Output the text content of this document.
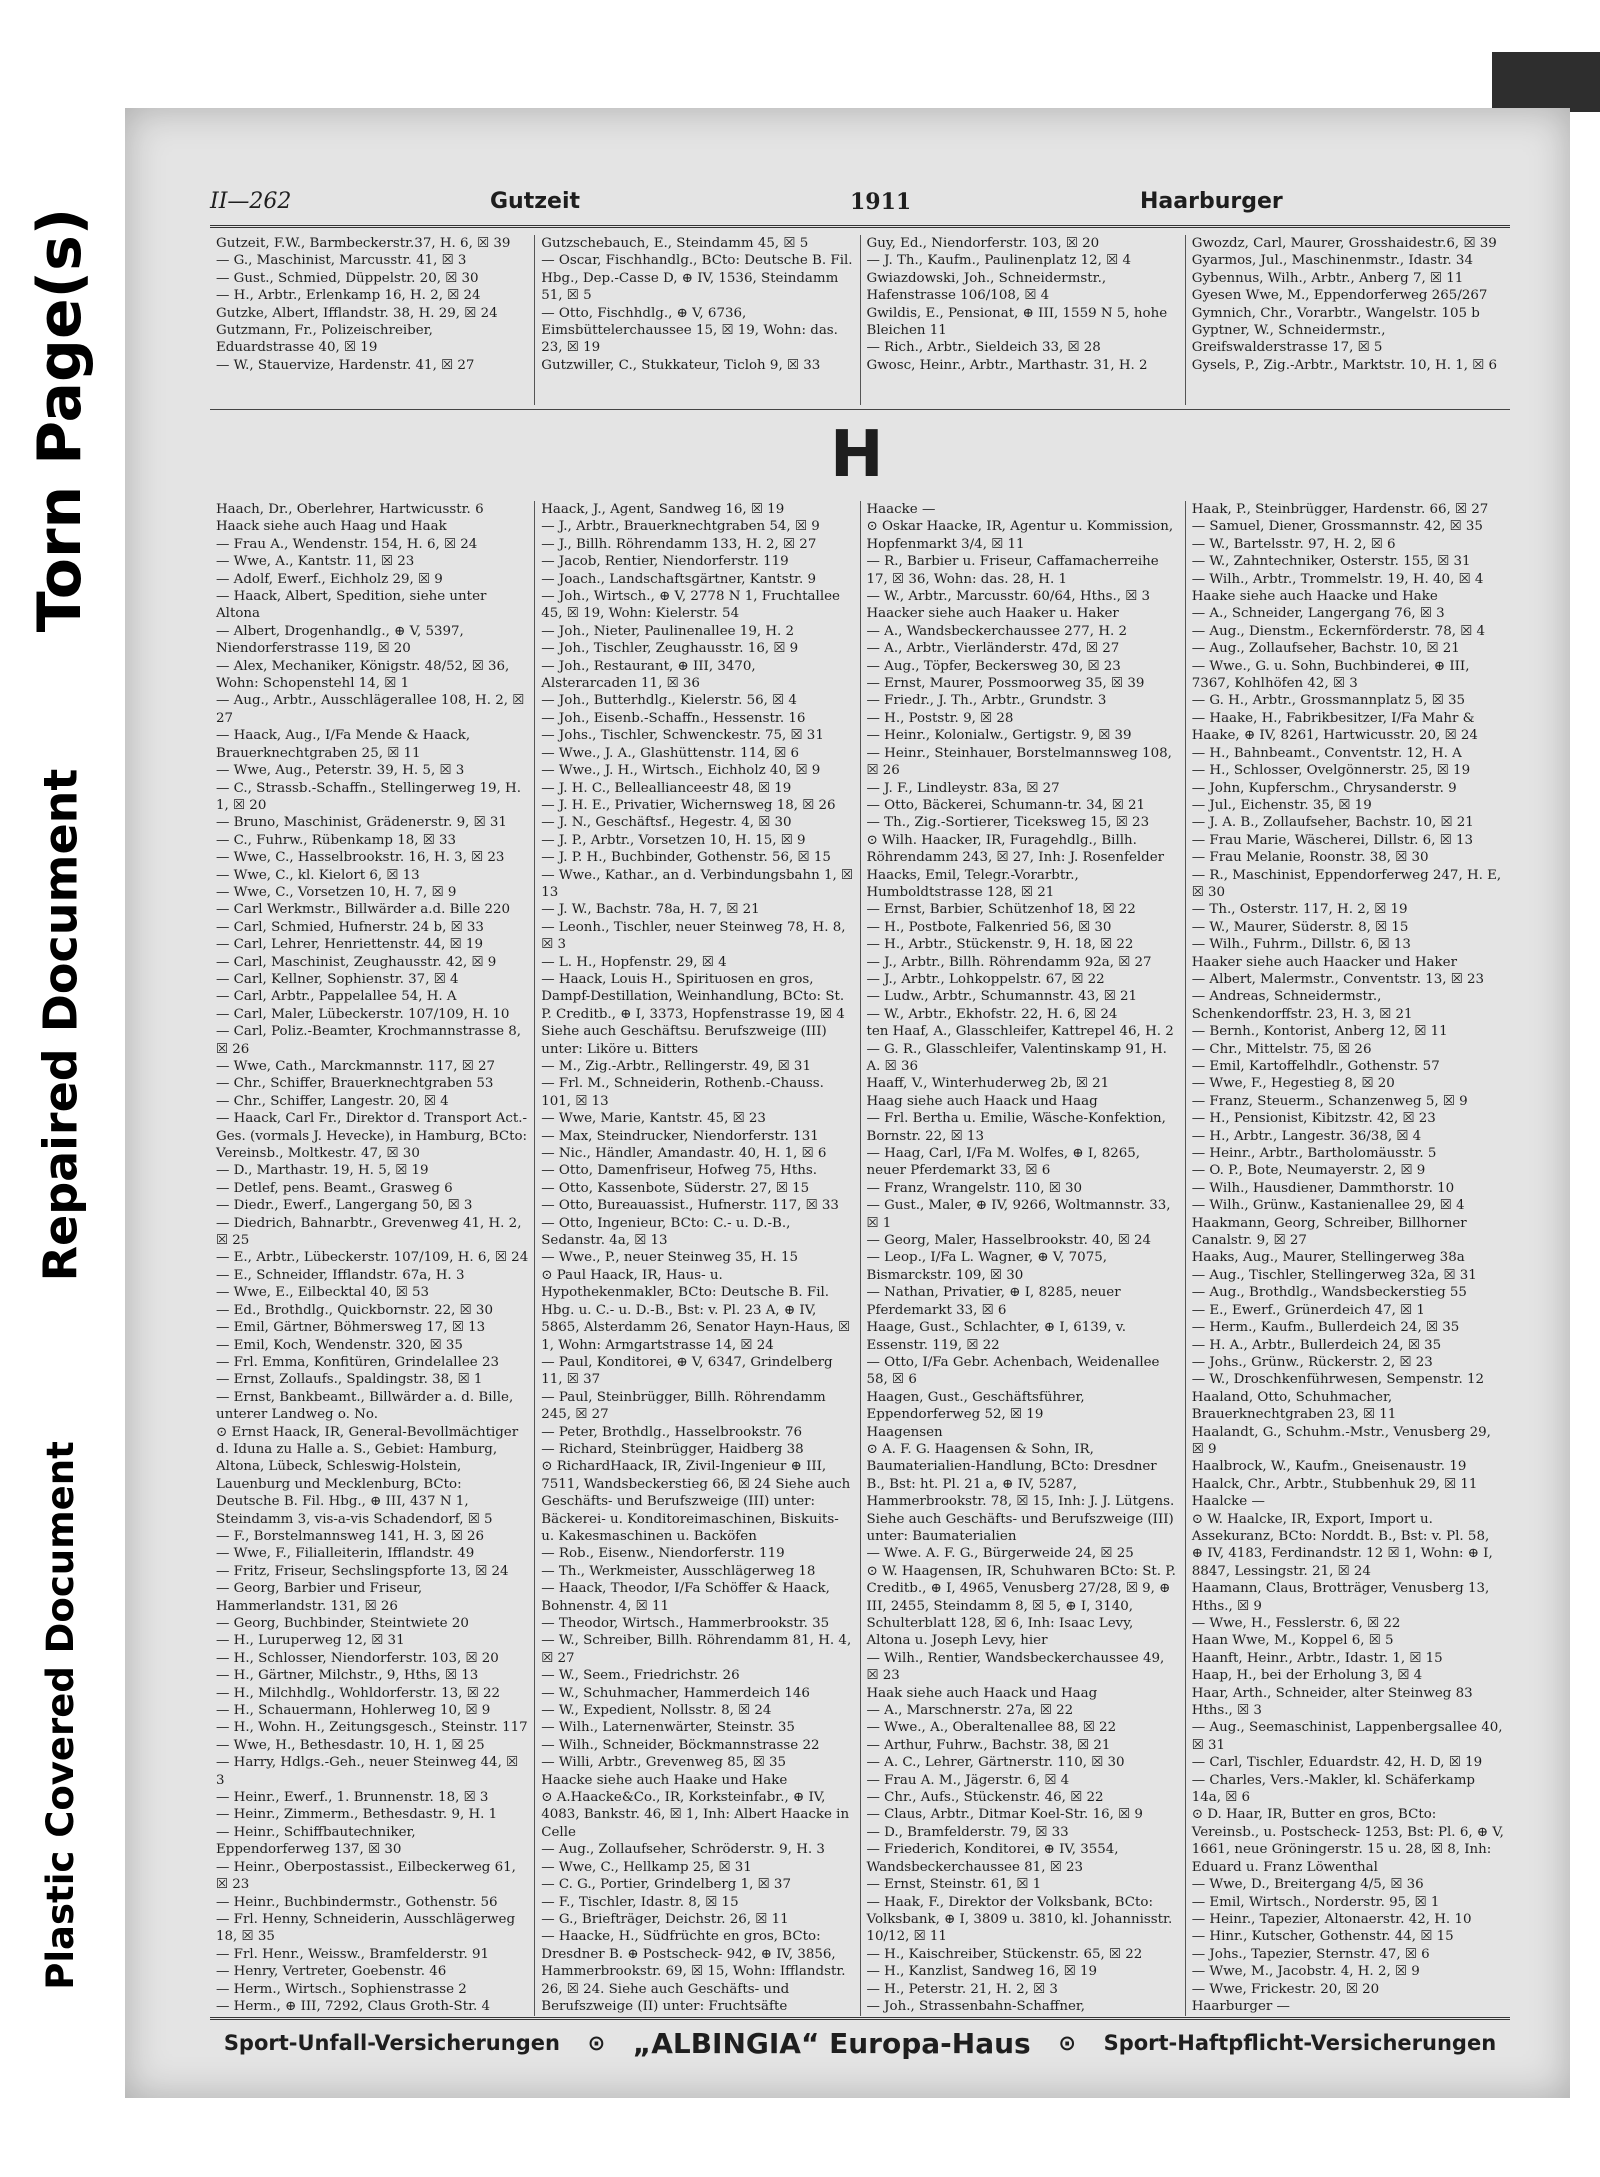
Torn Page(s)
Repaired Document
Plastic Covered Document
II—262	Gutzeit	1911	Haarburger

Gutzeit, F.W., Barmbeckerstr.37, H. 6, ☒ 39

— G., Maschinist, Marcusstr. 41, ☒ 3

— Gust., Schmied, Düppelstr. 20, ☒ 30

— H., Arbtr., Erlenkamp 16, H. 2, ☒ 24

Gutzke, Albert, Ifflandstr. 38, H. 29, ☒ 24

Gutzmann, Fr., Polizeischreiber, Eduardstrasse 40, ☒ 19

— W., Stauervize, Hardenstr. 41, ☒ 27

Gutzschebauch, E., Steindamm 45, ☒ 5

— Oscar, Fischhandlg., BCto: Deutsche B. Fil. Hbg., Dep.-Casse D, ⊕ IV, 1536, Steindamm 51, ☒ 5

— Otto, Fischhdlg., ⊕ V, 6736, Eimsbüttelerchaussee 15, ☒ 19, Wohn: das. 23, ☒ 19

Gutzwiller, C., Stukkateur, Ticloh 9, ☒ 33

Guy, Ed., Niendorferstr. 103, ☒ 20

— J. Th., Kaufm., Paulinenplatz 12, ☒ 4

Gwiazdowski, Joh., Schneidermstr., Hafenstrasse 106/108, ☒ 4

Gwildis, E., Pensionat, ⊕ III, 1559 N 5, hohe Bleichen 11

— Rich., Arbtr., Sieldeich 33, ☒ 28

Gwosc, Heinr., Arbtr., Marthastr. 31, H. 2

Gwozdz, Carl, Maurer, Grosshaidestr.6, ☒ 39

Gyarmos, Jul., Maschinenmstr., Idastr. 34

Gybennus, Wilh., Arbtr., Anberg 7, ☒ 11

Gyesen Wwe, M., Eppendorferweg 265/267

Gymnich, Chr., Vorarbtr., Wangelstr. 105 b

Gyptner, W., Schneidermstr., Greifswalderstrasse 17, ☒ 5

Gysels, P., Zig.-Arbtr., Marktstr. 10, H. 1, ☒ 6

H

Haach, Dr., Oberlehrer, Hartwicusstr. 6

Haack siehe auch Haag und Haak

— Frau A., Wendenstr. 154, H. 6, ☒ 24

— Wwe, A., Kantstr. 11, ☒ 23

— Adolf, Ewerf., Eichholz 29, ☒ 9

— Haack, Albert, Spedition, siehe unter Altona

— Albert, Drogenhandlg., ⊕ V, 5397, Niendorferstrasse 119, ☒ 20

— Alex, Mechaniker, Königstr. 48/52, ☒ 36, Wohn: Schopenstehl 14, ☒ 1

— Aug., Arbtr., Ausschlägerallee 108, H. 2, ☒ 27

— Haack, Aug., I/Fa Mende & Haack, Brauerknechtgraben 25, ☒ 11

— Wwe, Aug., Peterstr. 39, H. 5, ☒ 3

— C., Strassb.-Schaffn., Stellingerweg 19, H. 1, ☒ 20

— Bruno, Maschinist, Grädenerstr. 9, ☒ 31

— C., Fuhrw., Rübenkamp 18, ☒ 33

— Wwe, C., Hasselbrookstr. 16, H. 3, ☒ 23

— Wwe, C., kl. Kielort 6, ☒ 13

— Wwe, C., Vorsetzen 10, H. 7, ☒ 9

— Carl Werkmstr., Billwärder a.d. Bille 220

— Carl, Schmied, Hufnerstr. 24 b, ☒ 33

— Carl, Lehrer, Henriettenstr. 44, ☒ 19

— Carl, Maschinist, Zeughausstr. 42, ☒ 9

— Carl, Kellner, Sophienstr. 37, ☒ 4

— Carl, Arbtr., Pappelallee 54, H. A

— Carl, Maler, Lübeckerstr. 107/109, H. 10

— Carl, Poliz.-Beamter, Krochmannstrasse 8, ☒ 26

— Wwe, Cath., Marckmannstr. 117, ☒ 27

— Chr., Schiffer, Brauerknechtgraben 53

— Chr., Schiffer, Langestr. 20, ☒ 4

— Haack, Carl Fr., Direktor d. Transport Act.-Ges. (vormals J. Hevecke), in Hamburg, BCto: Vereinsb., Moltkestr. 47, ☒ 30

— D., Marthastr. 19, H. 5, ☒ 19

— Detlef, pens. Beamt., Grasweg 6

— Diedr., Ewerf., Langergang 50, ☒ 3

— Diedrich, Bahnarbtr., Grevenweg 41, H. 2, ☒ 25

— E., Arbtr., Lübeckerstr. 107/109, H. 6, ☒ 24

— E., Schneider, Ifflandstr. 67a, H. 3

— Wwe, E., Eilbecktal 40, ☒ 53

— Ed., Brothdlg., Quickbornstr. 22, ☒ 30

— Emil, Gärtner, Böhmersweg 17, ☒ 13

— Emil, Koch, Wendenstr. 320, ☒ 35

— Frl. Emma, Konfitüren, Grindelallee 23

— Ernst, Zollaufs., Spaldingstr. 38, ☒ 1

— Ernst, Bankbeamt., Billwärder a. d. Bille, unterer Landweg o. No.

⊙ Ernst Haack, IR, General-Bevollmächtiger d. Iduna zu Halle a. S., Gebiet: Hamburg, Altona, Lübeck, Schleswig-Holstein, Lauenburg und Mecklenburg, BCto: Deutsche B. Fil. Hbg., ⊕ III, 437 N 1, Steindamm 3, vis-a-vis Schadendorf, ☒ 5

— F., Borstelmannsweg 141, H. 3, ☒ 26

— Wwe, F., Filialleiterin, Ifflandstr. 49

— Fritz, Friseur, Sechslingspforte 13, ☒ 24

— Georg, Barbier und Friseur, Hammerlandstr. 131, ☒ 26

— Georg, Buchbinder, Steintwiete 20

— H., Luruperweg 12, ☒ 31

— H., Schlosser, Niendorferstr. 103, ☒ 20

— H., Gärtner, Milchstr., 9, Hths, ☒ 13

— H., Milchhdlg., Wohldorferstr. 13, ☒ 22

— H., Schauermann, Hohlerweg 10, ☒ 9

— H., Wohn. H., Zeitungsgesch., Steinstr. 117

— Wwe, H., Bethesdastr. 10, H. 1, ☒ 25

— Harry, Hdlgs.-Geh., neuer Steinweg 44, ☒ 3

— Heinr., Ewerf., 1. Brunnenstr. 18, ☒ 3

— Heinr., Zimmerm., Bethesdastr. 9, H. 1

— Heinr., Schiffbautechniker, Eppendorferweg 137, ☒ 30

— Heinr., Oberpostassist., Eilbeckerweg 61, ☒ 23

— Heinr., Buchbindermstr., Gothenstr. 56

— Frl. Henny, Schneiderin, Ausschlägerweg 18, ☒ 35

— Frl. Henr., Weissw., Bramfelderstr. 91

— Henry, Vertreter, Goebenstr. 46

— Herm., Wirtsch., Sophienstrasse 2

— Herm., ⊕ III, 7292, Claus Groth-Str. 4

Haack, J., Agent, Sandweg 16, ☒ 19

— J., Arbtr., Brauerknechtgraben 54, ☒ 9

— J., Billh. Röhrendamm 133, H. 2, ☒ 27

— Jacob, Rentier, Niendorferstr. 119

— Joach., Landschaftsgärtner, Kantstr. 9

— Joh., Wirtsch., ⊕ V, 2778 N 1, Fruchtallee 45, ☒ 19, Wohn: Kielerstr. 54

— Joh., Nieter, Paulinenallee 19, H. 2

— Joh., Tischler, Zeughausstr. 16, ☒ 9

— Joh., Restaurant, ⊕ III, 3470, Alsterarcaden 11, ☒ 36

— Joh., Butterhdlg., Kielerstr. 56, ☒ 4

— Joh., Eisenb.-Schaffn., Hessenstr. 16

— Johs., Tischler, Schwenckestr. 75, ☒ 31

— Wwe., J. A., Glashüttenstr. 114, ☒ 6

— Wwe., J. H., Wirtsch., Eichholz 40, ☒ 9

— J. H. C., Belleallianceestr 48, ☒ 19

— J. H. E., Privatier, Wichernsweg 18, ☒ 26

— J. N., Geschäftsf., Hegestr. 4, ☒ 30

— J. P., Arbtr., Vorsetzen 10, H. 15, ☒ 9

— J. P. H., Buchbinder, Gothenstr. 56, ☒ 15

— Wwe., Kathar., an d. Verbindungsbahn 1, ☒ 13

— J. W., Bachstr. 78a, H. 7, ☒ 21

— Leonh., Tischler, neuer Steinweg 78, H. 8, ☒ 3

— L. H., Hopfenstr. 29, ☒ 4

— Haack, Louis H., Spirituosen en gros, Dampf-Destillation, Weinhandlung, BCto: St. P. Creditb., ⊕ I, 3373, Hopfenstrasse 19, ☒ 4 Siehe auch Geschäftsu. Berufszweige (III) unter: Liköre u. Bitters

— M., Zig.-Arbtr., Rellingerstr. 49, ☒ 31

— Frl. M., Schneiderin, Rothenb.-Chauss. 101, ☒ 13

— Wwe, Marie, Kantstr. 45, ☒ 23

— Max, Steindrucker, Niendorferstr. 131

— Nic., Händler, Amandastr. 40, H. 1, ☒ 6

— Otto, Damenfriseur, Hofweg 75, Hths.

— Otto, Kassenbote, Süderstr. 27, ☒ 15

— Otto, Bureauassist., Hufnerstr. 117, ☒ 33

— Otto, Ingenieur, BCto: C.- u. D.-B., Sedanstr. 4a, ☒ 13

— Wwe., P., neuer Steinweg 35, H. 15

⊙ Paul Haack, IR, Haus- u. Hypothekenmakler, BCto: Deutsche B. Fil. Hbg. u. C.- u. D.-B., Bst: v. Pl. 23 A, ⊕ IV, 5865, Alsterdamm 26, Senator Hayn-Haus, ☒ 1, Wohn: Armgartstrasse 14, ☒ 24

— Paul, Konditorei, ⊕ V, 6347, Grindelberg 11, ☒ 37

— Paul, Steinbrügger, Billh. Röhrendamm 245, ☒ 27

— Peter, Brothdlg., Hasselbrookstr. 76

— Richard, Steinbrügger, Haidberg 38

⊙ RichardHaack, IR, Zivil-Ingenieur ⊕ III, 7511, Wandsbeckerstieg 66, ☒ 24 Siehe auch Geschäfts- und Berufszweige (III) unter: Bäckerei- u. Konditoreimaschinen, Biskuits- u. Kakesmaschinen u. Backöfen

— Rob., Eisenw., Niendorferstr. 119

— Th., Werkmeister, Ausschlägerweg 18

— Haack, Theodor, I/Fa Schöffer & Haack, Bohnenstr. 4, ☒ 11

— Theodor, Wirtsch., Hammerbrookstr. 35

— W., Schreiber, Billh. Röhrendamm 81, H. 4, ☒ 27

— W., Seem., Friedrichstr. 26

— W., Schuhmacher, Hammerdeich 146

— W., Expedient, Nollsstr. 8, ☒ 24

— Wilh., Laternenwärter, Steinstr. 35

— Wilh., Schneider, Böckmannstrasse 22

— Willi, Arbtr., Grevenweg 85, ☒ 35

Haacke siehe auch Haake und Hake

⊙ A.Haacke&Co., IR, Korksteinfabr., ⊕ IV, 4083, Bankstr. 46, ☒ 1, Inh: Albert Haacke in Celle

— Aug., Zollaufseher, Schröderstr. 9, H. 3

— Wwe, C., Hellkamp 25, ☒ 31

— C. G., Portier, Grindelberg 1, ☒ 37

— F., Tischler, Idastr. 8, ☒ 15

— G., Briefträger, Deichstr. 26, ☒ 11

— Haacke, H., Südfrüchte en gros, BCto: Dresdner B. ⊕ Postscheck- 942, ⊕ IV, 3856, Hammerbrookstr. 69, ☒ 15, Wohn: Ifflandstr. 26, ☒ 24. Siehe auch Geschäfts- und Berufszweige (II) unter: Fruchtsäfte

Haacke —

⊙ Oskar Haacke, IR, Agentur u. Kommission, Hopfenmarkt 3/4, ☒ 11

— R., Barbier u. Friseur, Caffamacherreihe 17, ☒ 36, Wohn: das. 28, H. 1

— W., Arbtr., Marcusstr. 60/64, Hths., ☒ 3

Haacker siehe auch Haaker u. Haker

— A., Wandsbeckerchaussee 277, H. 2

— A., Arbtr., Vierländerstr. 47d, ☒ 27

— Aug., Töpfer, Beckersweg 30, ☒ 23

— Ernst, Maurer, Possmoorweg 35, ☒ 39

— Friedr., J. Th., Arbtr., Grundstr. 3

— H., Poststr. 9, ☒ 28

— Heinr., Kolonialw., Gertigstr. 9, ☒ 39

— Heinr., Steinhauer, Borstelmannsweg 108, ☒ 26

— J. F., Lindleystr. 83a, ☒ 27

— Otto, Bäckerei, Schumann-tr. 34, ☒ 21

— Th., Zig.-Sortierer, Ticeksweg 15, ☒ 23

⊙ Wilh. Haacker, IR, Furagehdlg., Billh. Röhrendamm 243, ☒ 27, Inh: J. Rosenfelder

Haacks, Emil, Telegr.-Vorarbtr., Humboldtstrasse 128, ☒ 21

— Ernst, Barbier, Schützenhof 18, ☒ 22

— H., Postbote, Falkenried 56, ☒ 30

— H., Arbtr., Stückenstr. 9, H. 18, ☒ 22

— J., Arbtr., Billh. Röhrendamm 92a, ☒ 27

— J., Arbtr., Lohkoppelstr. 67, ☒ 22

— Ludw., Arbtr., Schumannstr. 43, ☒ 21

— W., Arbtr., Ekhofstr. 22, H. 6, ☒ 24

ten Haaf, A., Glasschleifer, Kattrepel 46, H. 2

— G. R., Glasschleifer, Valentinskamp 91, H. A. ☒ 36

Haaff, V., Winterhuderweg 2b, ☒ 21

Haag siehe auch Haack und Haag

— Frl. Bertha u. Emilie, Wäsche-Konfektion, Bornstr. 22, ☒ 13

— Haag, Carl, I/Fa M. Wolfes, ⊕ I, 8265, neuer Pferdemarkt 33, ☒ 6

— Franz, Wrangelstr. 110, ☒ 30

— Gust., Maler, ⊕ IV, 9266, Woltmannstr. 33, ☒ 1

— Georg, Maler, Hasselbrookstr. 40, ☒ 24

— Leop., I/Fa L. Wagner, ⊕ V, 7075, Bismarckstr. 109, ☒ 30

— Nathan, Privatier, ⊕ I, 8285, neuer Pferdemarkt 33, ☒ 6

Haage, Gust., Schlachter, ⊕ I, 6139, v. Essenstr. 119, ☒ 22

— Otto, I/Fa Gebr. Achenbach, Weidenallee 58, ☒ 6

Haagen, Gust., Geschäftsführer, Eppendorferweg 52, ☒ 19

Haagensen

⊙ A. F. G. Haagensen & Sohn, IR, Baumaterialien-Handlung, BCto: Dresdner B., Bst: ht. Pl. 21 a, ⊕ IV, 5287, Hammerbrookstr. 78, ☒ 15, Inh: J. J. Lütgens. Siehe auch Geschäfts- und Berufszweige (III) unter: Baumaterialien

— Wwe. A. F. G., Bürgerweide 24, ☒ 25

⊙ W. Haagensen, IR, Schuhwaren BCto: St. P. Creditb., ⊕ I, 4965, Venusberg 27/28, ☒ 9, ⊕ III, 2455, Steindamm 8, ☒ 5, ⊕ I, 3140, Schulterblatt 128, ☒ 6, Inh: Isaac Levy, Altona u. Joseph Levy, hier

— Wilh., Rentier, Wandsbeckerchaussee 49, ☒ 23

Haak siehe auch Haack und Haag

— A., Marschnerstr. 27a, ☒ 22

— Wwe., A., Oberaltenallee 88, ☒ 22

— Arthur, Fuhrw., Bachstr. 38, ☒ 21

— A. C., Lehrer, Gärtnerstr. 110, ☒ 30

— Frau A. M., Jägerstr. 6, ☒ 4

— Chr., Aufs., Stückenstr. 46, ☒ 22

— Claus, Arbtr., Ditmar Koel-Str. 16, ☒ 9

— D., Bramfelderstr. 79, ☒ 33

— Friederich, Konditorei, ⊕ IV, 3554, Wandsbeckerchaussee 81, ☒ 23

— Ernst, Steinstr. 61, ☒ 1

— Haak, F., Direktor der Volksbank, BCto: Volksbank, ⊕ I, 3809 u. 3810, kl. Johannisstr. 10/12, ☒ 11

— H., Kaischreiber, Stückenstr. 65, ☒ 22

— H., Kanzlist, Sandweg 16, ☒ 19

— H., Peterstr. 21, H. 2, ☒ 3

— Joh., Strassenbahn-Schaffner,

Haak, P., Steinbrügger, Hardenstr. 66, ☒ 27

— Samuel, Diener, Grossmannstr. 42, ☒ 35

— W., Bartelsstr. 97, H. 2, ☒ 6

— W., Zahntechniker, Osterstr. 155, ☒ 31

— Wilh., Arbtr., Trommelstr. 19, H. 40, ☒ 4

Haake siehe auch Haacke und Hake

— A., Schneider, Langergang 76, ☒ 3

— Aug., Dienstm., Eckernförderstr. 78, ☒ 4

— Aug., Zollaufseher, Bachstr. 10, ☒ 21

— Wwe., G. u. Sohn, Buchbinderei, ⊕ III, 7367, Kohlhöfen 42, ☒ 3

— G. H., Arbtr., Grossmannplatz 5, ☒ 35

— Haake, H., Fabrikbesitzer, I/Fa Mahr & Haake, ⊕ IV, 8261, Hartwicusstr. 20, ☒ 24

— H., Bahnbeamt., Conventstr. 12, H. A

— H., Schlosser, Ovelgönnerstr. 25, ☒ 19

— John, Kupferschm., Chrysanderstr. 9

— Jul., Eichenstr. 35, ☒ 19

— J. A. B., Zollaufseher, Bachstr. 10, ☒ 21

— Frau Marie, Wäscherei, Dillstr. 6, ☒ 13

— Frau Melanie, Roonstr. 38, ☒ 30

— R., Maschinist, Eppendorferweg 247, H. E, ☒ 30

— Th., Osterstr. 117, H. 2, ☒ 19

— W., Maurer, Süderstr. 8, ☒ 15

— Wilh., Fuhrm., Dillstr. 6, ☒ 13

Haaker siehe auch Haacker und Haker

— Albert, Malermstr., Conventstr. 13, ☒ 23

— Andreas, Schneidermstr., Schenkendorffstr. 23, H. 3, ☒ 21

— Bernh., Kontorist, Anberg 12, ☒ 11

— Chr., Mittelstr. 75, ☒ 26

— Emil, Kartoffelhdlr., Gothenstr. 57

— Wwe, F., Hegestieg 8, ☒ 20

— Franz, Steuerm., Schanzenweg 5, ☒ 9

— H., Pensionist, Kibitzstr. 42, ☒ 23

— H., Arbtr., Langestr. 36/38, ☒ 4

— Heinr., Arbtr., Bartholomäusstr. 5

— O. P., Bote, Neumayerstr. 2, ☒ 9

— Wilh., Hausdiener, Dammthorstr. 10

— Wilh., Grünw., Kastanienallee 29, ☒ 4

Haakmann, Georg, Schreiber, Billhorner Canalstr. 9, ☒ 27

Haaks, Aug., Maurer, Stellingerweg 38a

— Aug., Tischler, Stellingerweg 32a, ☒ 31

— Aug., Brothdlg., Wandsbeckerstieg 55

— E., Ewerf., Grünerdeich 47, ☒ 1

— Herm., Kaufm., Bullerdeich 24, ☒ 35

— H. A., Arbtr., Bullerdeich 24, ☒ 35

— Johs., Grünw., Rückerstr. 2, ☒ 23

— W., Droschkenführwesen, Sempenstr. 12

Haaland, Otto, Schuhmacher, Brauerknechtgraben 23, ☒ 11

Haalandt, G., Schuhm.-Mstr., Venusberg 29, ☒ 9

Haalbrock, W., Kaufm., Gneisenaustr. 19

Haalck, Chr., Arbtr., Stubbenhuk 29, ☒ 11

Haalcke —

⊙ W. Haalcke, IR, Export, Import u. Assekuranz, BCto: Norddt. B., Bst: v. Pl. 58, ⊕ IV, 4183, Ferdinandstr. 12 ☒ 1, Wohn: ⊕ I, 8847, Lessingstr. 21, ☒ 24

Haamann, Claus, Brotträger, Venusberg 13, Hths., ☒ 9

— Wwe, H., Fesslerstr. 6, ☒ 22

Haan Wwe, M., Koppel 6, ☒ 5

Haanft, Heinr., Arbtr., Idastr. 1, ☒ 15

Haap, H., bei der Erholung 3, ☒ 4

Haar, Arth., Schneider, alter Steinweg 83 Hths., ☒ 3

— Aug., Seemaschinist, Lappenbergsallee 40, ☒ 31

— Carl, Tischler, Eduardstr. 42, H. D, ☒ 19

— Charles, Vers.-Makler, kl. Schäferkamp 14a, ☒ 6

⊙ D. Haar, IR, Butter en gros, BCto: Vereinsb., u. Postscheck- 1253, Bst: Pl. 6, ⊕ V, 1661, neue Gröningerstr. 15 u. 28, ☒ 8, Inh: Eduard u. Franz Löwenthal

— Wwe, D., Breitergang 4/5, ☒ 36

— Emil, Wirtsch., Norderstr. 95, ☒ 1

— Heinr., Tapezier, Altonaerstr. 42, H. 10

— Hinr., Kutscher, Gothenstr. 44, ☒ 15

— Johs., Tapezier, Sternstr. 47, ☒ 6

— Wwe, M., Jacobstr. 4, H. 2, ☒ 9

— Wwe, Frickestr. 20, ☒ 20

Haarburger —

Sport-Unfall-Versicherungen ⊙ „ALBINGIA“ Europa-Haus ⊙ Sport-Haftpflicht-Versicherungen
